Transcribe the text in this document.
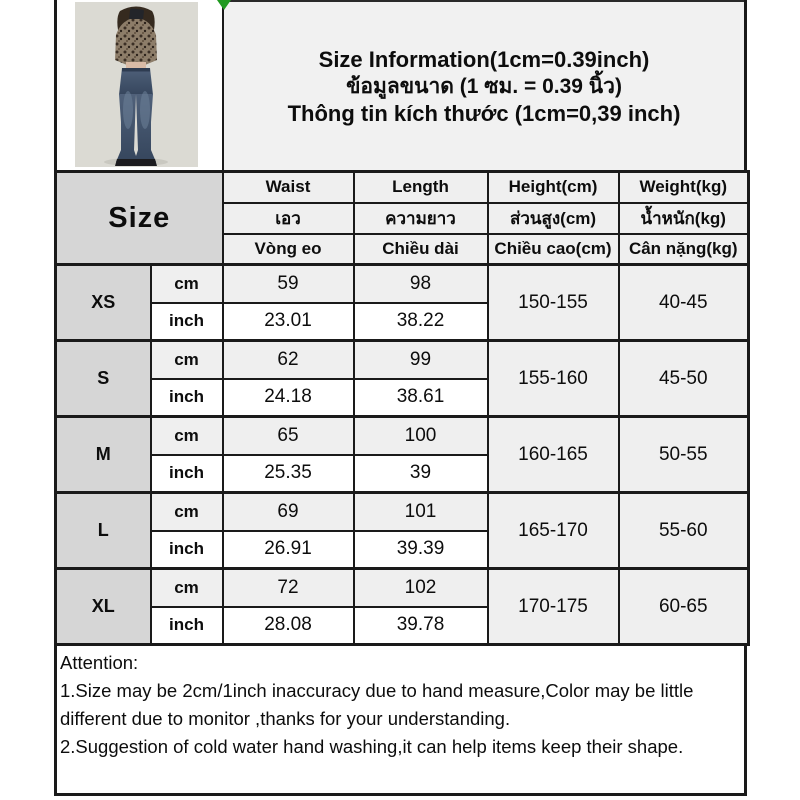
Size Information(1cm=0.39inch)
ข้อมูลขนาด (1 ซม. = 0.39 นิ้ว)
Thông tin kích thước (1cm=0,39 inch)
Size		Waist	Length	Height(cm)	Weight(kg)
		เอว	ความยาว	ส่วนสูง(cm)	น้ำหนัก(kg)
		Vòng eo	Chiều dài	Chiều cao(cm)	Cân nặng(kg)
XS	cm	59	98	150-155	40-45
	inch	23.01	38.22		
S	cm	62	99	155-160	45-50
	inch	24.18	38.61		
M	cm	65	100	160-165	50-55
	inch	25.35	39		
L	cm	69	101	165-170	55-60
	inch	26.91	39.39		
XL	cm	72	102	170-175	60-65
	inch	28.08	39.78		
Attention:
1.Size may be 2cm/1inch inaccuracy due to hand measure,Color may be little different due to monitor ,thanks for your understanding.
2.Suggestion of cold water hand washing,it can help items keep their shape.
